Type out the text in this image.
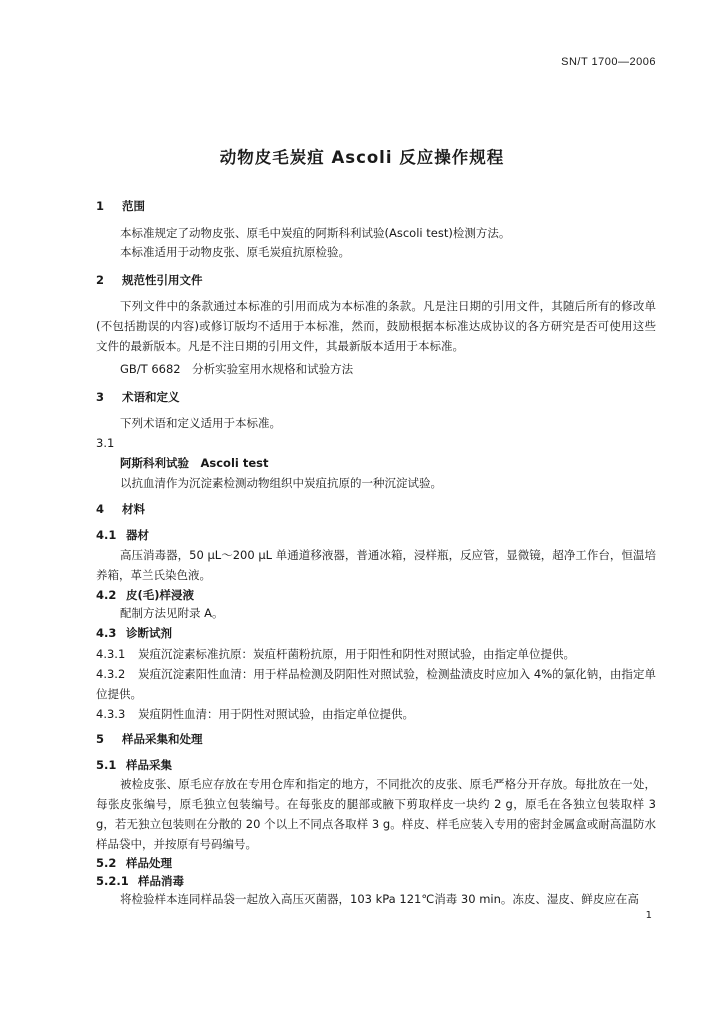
SN/T 1700—2006
动物皮毛炭疽 Ascoli 反应操作规程
1 范围
本标准规定了动物皮张、原毛中炭疽的阿斯科利试验(Ascoli test)检测方法。
本标准适用于动物皮张、原毛炭疽抗原检验。
2 规范性引用文件
下列文件中的条款通过本标准的引用而成为本标准的条款。凡是注日期的引用文件，其随后所有的修改单(不包括勘误的内容)或修订版均不适用于本标准，然而，鼓励根据本标准达成协议的各方研究是否可使用这些文件的最新版本。凡是不注日期的引用文件，其最新版本适用于本标准。
GB/T 6682　分析实验室用水规格和试验方法
3 术语和定义
下列术语和定义适用于本标准。
3.1
阿斯科利试验　Ascoli test
以抗血清作为沉淀素检测动物组织中炭疽抗原的一种沉淀试验。
4 材料
4.1 器材
高压消毒器，50 μL～200 μL 单通道移液器，普通冰箱，浸样瓶，反应管，显微镜，超净工作台，恒温培养箱，革兰氏染色液。
4.2 皮(毛)样浸液
配制方法见附录 A。
4.3 诊断试剂
4.3.1 炭疽沉淀素标准抗原：炭疽杆菌粉抗原，用于阳性和阴性对照试验，由指定单位提供。
4.3.2 炭疽沉淀素阳性血清：用于样品检测及阴阳性对照试验，检测盐渍皮时应加入 4%的氯化钠，由指定单位提供。
4.3.3 炭疽阴性血清：用于阴性对照试验，由指定单位提供。
5 样品采集和处理
5.1 样品采集
被检皮张、原毛应存放在专用仓库和指定的地方，不同批次的皮张、原毛严格分开存放。每批放在一处，每张皮张编号，原毛独立包装编号。在每张皮的腿部或腋下剪取样皮一块约 2 g，原毛在各独立包装取样 3 g，若无独立包装则在分散的 20 个以上不同点各取样 3 g。样皮、样毛应装入专用的密封金属盒或耐高温防水样品袋中，并按原有号码编号。
5.2 样品处理
5.2.1 样品消毒
将检验样本连同样品袋一起放入高压灭菌器，103 kPa 121℃消毒 30 min。冻皮、湿皮、鲜皮应在高
1
